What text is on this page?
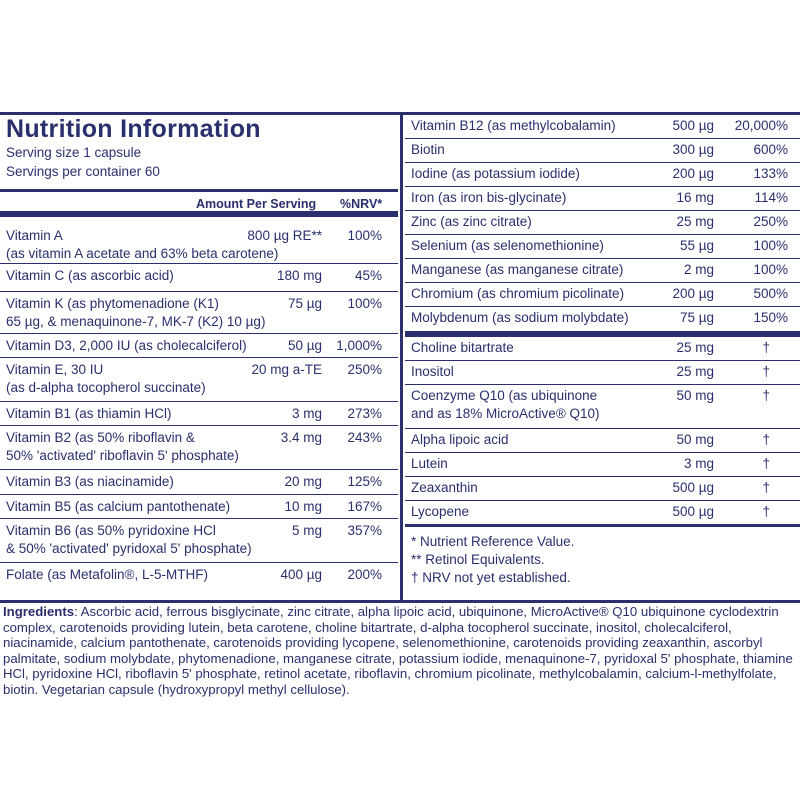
Nutrition Information
Serving size 1 capsule
Servings per container 60
Amount Per Serving %NRV*
Vitamin A
(as vitamin A acetate and 63% beta carotene)
800 µg RE** 100%
Vitamin C (as ascorbic acid)	180 mg 45%
Vitamin K (as phytomenadione (K1)
65 µg, & menaquinone-7, MK-7 (K2) 10 µg)
75 µg 100%
Vitamin D3, 2,000 IU (as cholecalciferol)	50 µg 1,000%
Vitamin E, 30 IU
(as d-alpha tocopherol succinate)
20 mg a-TE 250%
Vitamin B1 (as thiamin HCl)	3 mg 273%
Vitamin B2 (as 50% riboflavin &
50% 'activated' riboflavin 5' phosphate)
3.4 mg 243%
Vitamin B3 (as niacinamide)	20 mg 125%
Vitamin B5 (as calcium pantothenate)	10 mg 167%
Vitamin B6 (as 50% pyridoxine HCl
& 50% 'activated' pyridoxal 5' phosphate)
5 mg 357%
Folate (as Metafolin®, L-5-MTHF)	400 µg 200%
Vitamin B12 (as methylcobalamin)	500 µg 20,000%
Biotin	300 µg	600%
Iodine (as potassium iodide)	200 µg	133%
Iron (as iron bis-glycinate)	16 mg	114%
Zinc (as zinc citrate)	25 mg	250%
Selenium (as selenomethionine)	55 µg	100%
Manganese (as manganese citrate)	2 mg	100%
Chromium (as chromium picolinate)	200 µg	500%
Molybdenum (as sodium molybdate)	75 µg	150%
Choline bitartrate	25 mg	†
Inositol	25 mg	†
Coenzyme Q10 (as ubiquinone
and as 18% MicroActive® Q10)
50 mg	†
Alpha lipoic acid	50 mg	†
Lutein	3 mg	†
Zeaxanthin	500 µg	†
Lycopene	500 µg	†
* Nutrient Reference Value.
** Retinol Equivalents.
† NRV not yet established.
Ingredients: Ascorbic acid, ferrous bisglycinate, zinc citrate, alpha lipoic acid, ubiquinone, MicroActive® Q10 ubiquinone cyclodextrin complex, carotenoids providing lutein, beta carotene, choline bitartrate, d-alpha tocopherol succinate, inositol, cholecalciferol, niacinamide, calcium pantothenate, carotenoids providing lycopene, selenomethionine, carotenoids providing zeaxanthin, ascorbyl palmitate, sodium molybdate, phytomenadione, manganese citrate, potassium iodide, menaquinone-7, pyridoxal 5' phosphate, thiamine HCl, pyridoxine HCl, riboflavin 5' phosphate, retinol acetate, riboflavin, chromium picolinate, methylcobalamin, calcium-l-methylfolate, biotin. Vegetarian capsule (hydroxypropyl methyl cellulose).
